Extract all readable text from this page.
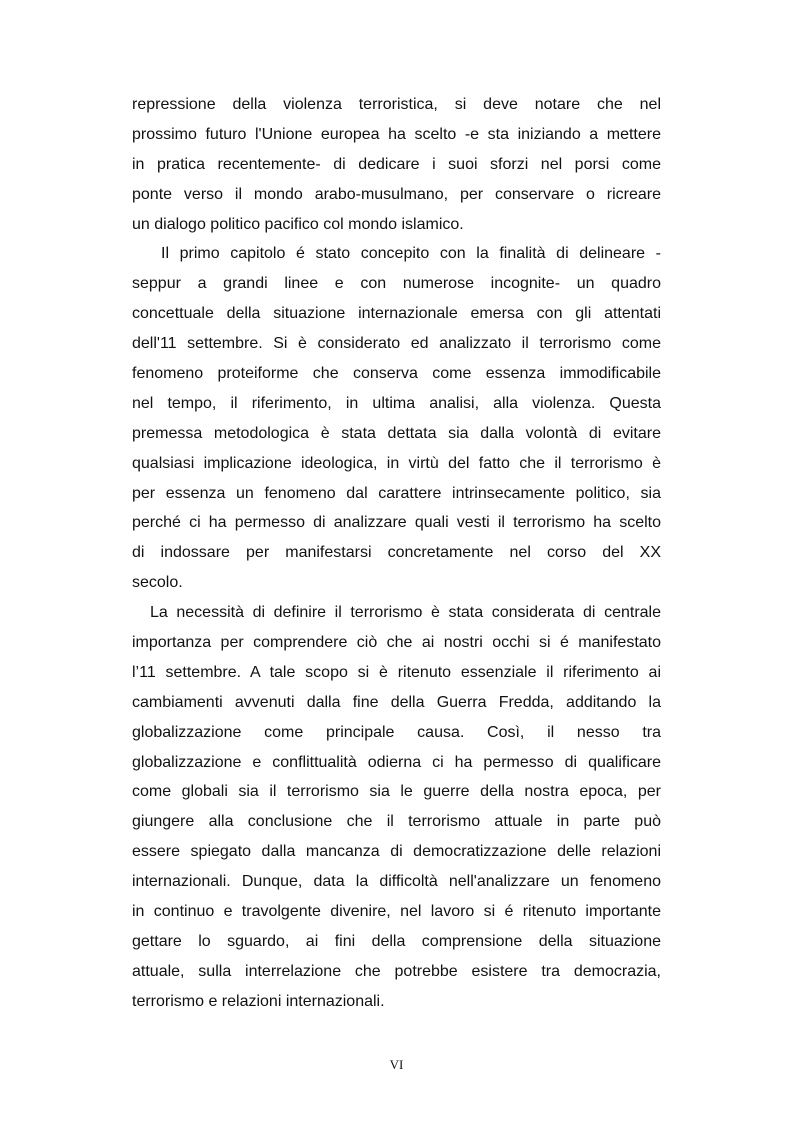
repressione della violenza terroristica, si deve notare che nel
prossimo futuro l'Unione europea ha scelto -e sta iniziando a mettere
in pratica recentemente- di dedicare i suoi sforzi nel porsi come
ponte verso il mondo arabo-musulmano, per conservare o ricreare
un dialogo politico pacifico col mondo islamico.
Il primo capitolo é stato concepito con la finalità di delineare -
seppur a grandi linee e con numerose incognite- un quadro
concettuale della situazione internazionale emersa con gli attentati
dell'11 settembre. Si è considerato ed analizzato il terrorismo come
fenomeno proteiforme che conserva come essenza immodificabile
nel tempo, il riferimento, in ultima analisi, alla violenza. Questa
premessa metodologica è stata dettata sia dalla volontà di evitare
qualsiasi implicazione ideologica, in virtù del fatto che il terrorismo è
per essenza un fenomeno dal carattere intrinsecamente politico, sia
perché ci ha permesso di analizzare quali vesti il terrorismo ha scelto
di indossare per manifestarsi concretamente nel corso del XX
secolo.
La necessità di definire il terrorismo è stata considerata di centrale
importanza per comprendere ciò che ai nostri occhi si é manifestato
l’11 settembre. A tale scopo si è ritenuto essenziale il riferimento ai
cambiamenti avvenuti dalla fine della Guerra Fredda, additando la
globalizzazione come principale causa. Così, il nesso tra
globalizzazione e conflittualità odierna ci ha permesso di qualificare
come globali sia il terrorismo sia le guerre della nostra epoca, per
giungere alla conclusione che il terrorismo attuale in parte può
essere spiegato dalla mancanza di democratizzazione delle relazioni
internazionali. Dunque, data la difficoltà nell'analizzare un fenomeno
in continuo e travolgente divenire, nel lavoro si é ritenuto importante
gettare lo sguardo, ai fini della comprensione della situazione
attuale, sulla interrelazione che potrebbe esistere tra democrazia,
terrorismo e relazioni internazionali.
VI
